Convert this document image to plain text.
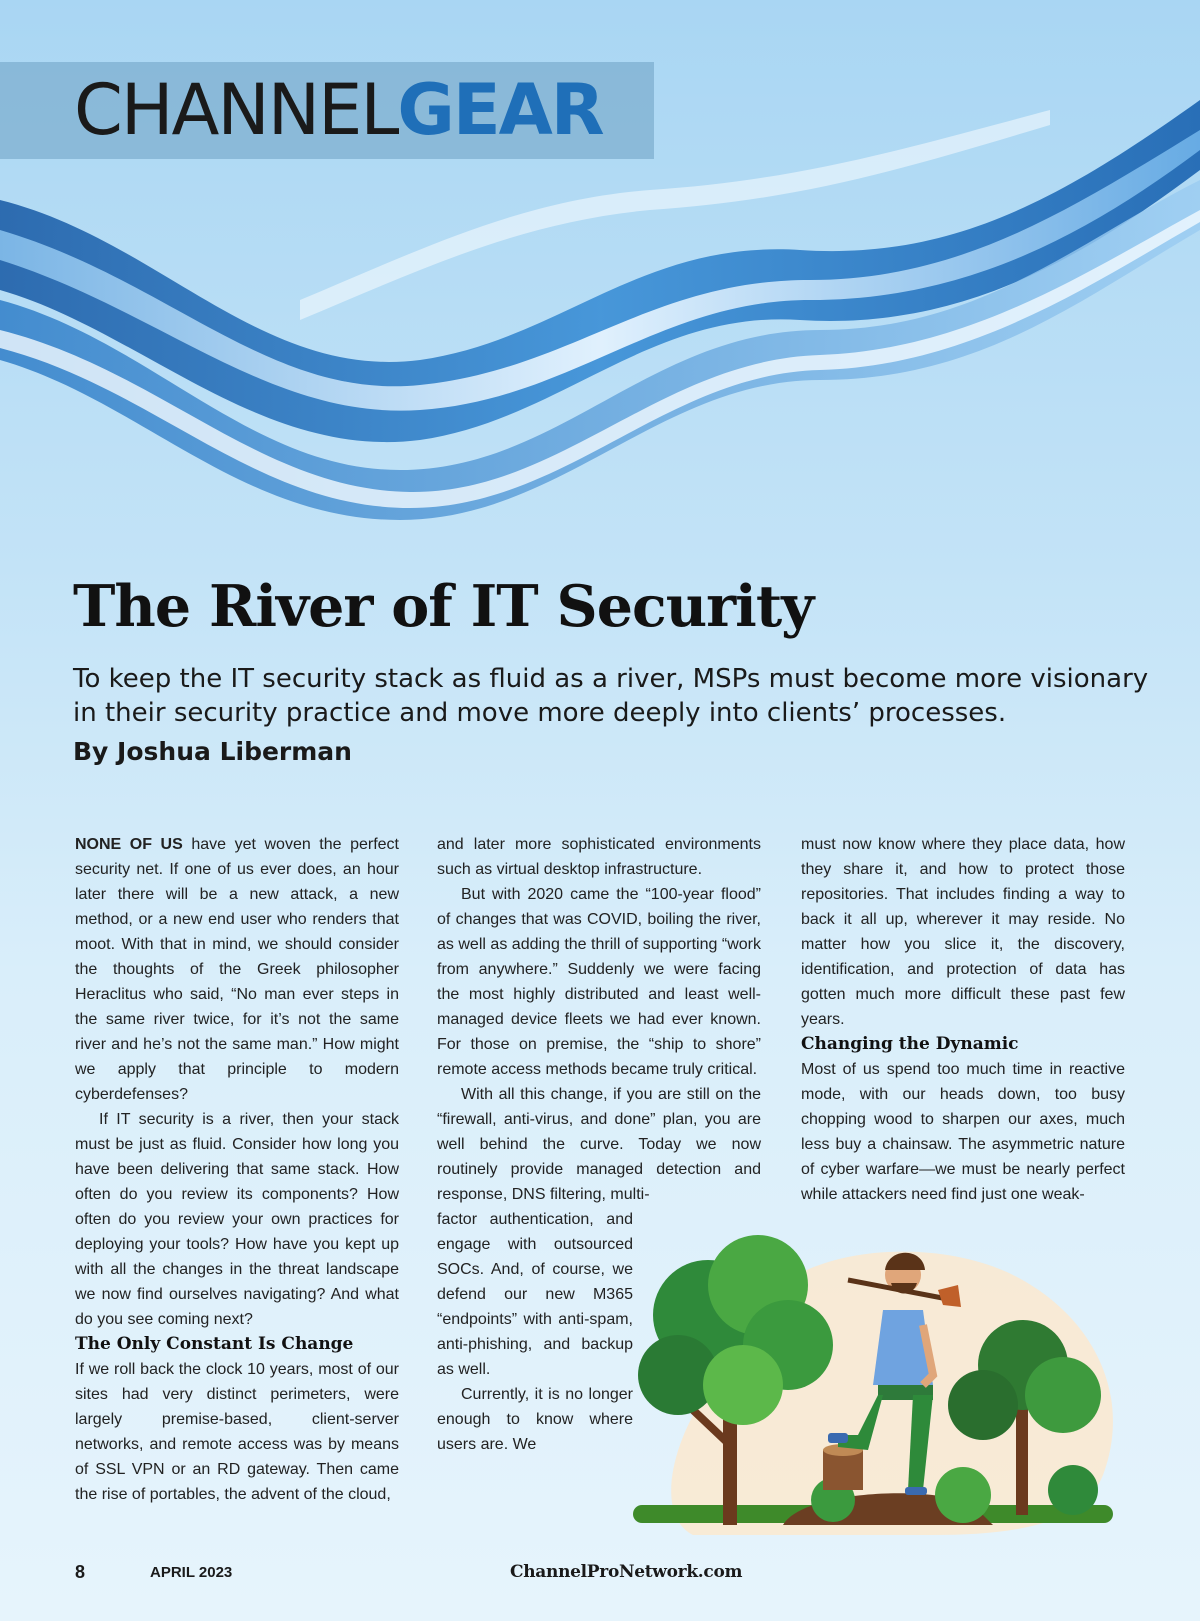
CHANNELGEAR
The River of IT Security

To keep the IT security stack as fluid as a river, MSPs must become more visionary in their security practice and move more deeply into clients’ processes.

By Joshua Liberman

NONE OF US have yet woven the perfect security net. If one of us ever does, an hour later there will be a new attack, a new method, or a new end user who renders that moot. With that in mind, we should consider the thoughts of the Greek philosopher Heraclitus who said, “No man ever steps in the same river twice, for it’s not the same river and he’s not the same man.” How might we apply that principle to modern cyberdefenses?

If IT security is a river, then your stack must be just as fluid. Consider how long you have been delivering that same stack. How often do you review its components? How often do you review your own practices for deploying your tools? How have you kept up with all the changes in the threat landscape we now find ourselves navigating? And what do you see coming next?

The Only Constant Is Change

If we roll back the clock 10 years, most of our sites had very distinct perimeters, were largely premise-based, client-server networks, and remote access was by means of SSL VPN or an RD gateway. Then came the rise of portables, the advent of the cloud,

and later more sophisticated environments such as virtual desktop infrastructure.

But with 2020 came the “100-year flood” of changes that was COVID, boiling the river, as well as adding the thrill of supporting “work from anywhere.” Suddenly we were facing the most highly distributed and least well-managed device fleets we had ever known. For those on premise, the “ship to shore” remote access methods became truly critical.

With all this change, if you are still on the “firewall, anti-virus, and done” plan, you are well behind the curve. Today we now routinely provide managed detection and response, DNS filtering, multi-

factor authentication, and engage with outsourced SOCs. And, of course, we defend our new M365 “endpoints” with anti-spam, anti-phishing, and backup as well.

Currently, it is no longer enough to know where users are. We

must now know where they place data, how they share it, and how to protect those repositories. That includes finding a way to back it all up, wherever it may reside. No matter how you slice it, the discovery, identification, and protection of data has gotten much more difficult these past few years.

Changing the Dynamic

Most of us spend too much time in reactive mode, with our heads down, too busy chopping wood to sharpen our axes, much less buy a chainsaw. The asymmetric nature of cyber warfare—we must be nearly perfect while attackers need find just one weak-

8	APRIL 2023	ChannelProNetwork.com
